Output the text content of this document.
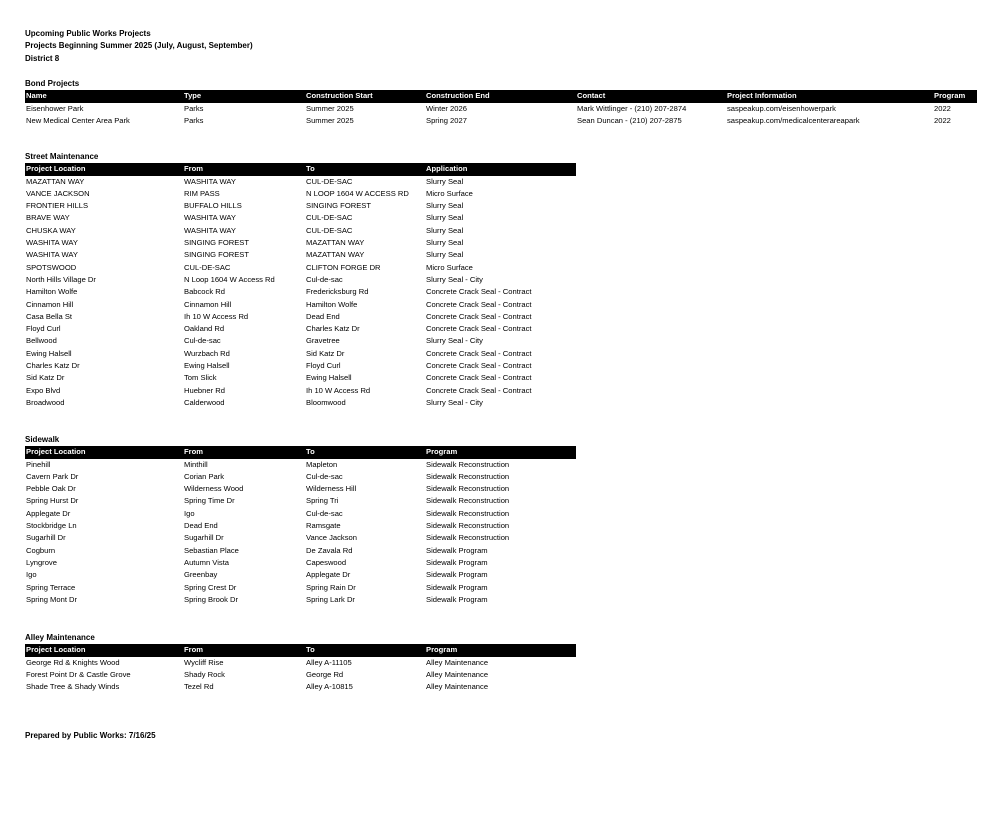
Upcoming Public Works Projects
Projects Beginning Summer 2025 (July, August, September)
District 8
Bond Projects
Name	Type	Construction Start	Construction End	Contact	Project Information	Program
Eisenhower Park	Parks	Summer 2025	Winter 2026	Mark Wittlinger - (210) 207-2874	saspeakup.com/eisenhowerpark	2022
New Medical Center Area Park	Parks	Summer 2025	Spring 2027	Sean Duncan - (210) 207-2875	saspeakup.com/medicalcenterareapark	2022
Street Maintenance
Project Location	From	To	Application
MAZATTAN WAY	WASHITA WAY	CUL-DE-SAC	Slurry Seal
VANCE JACKSON	RIM PASS	N LOOP 1604 W ACCESS RD	Micro Surface
FRONTIER HILLS	BUFFALO HILLS	SINGING FOREST	Slurry Seal
BRAVE WAY	WASHITA WAY	CUL-DE-SAC	Slurry Seal
CHUSKA WAY	WASHITA WAY	CUL-DE-SAC	Slurry Seal
WASHITA WAY	SINGING FOREST	MAZATTAN WAY	Slurry Seal
WASHITA WAY	SINGING FOREST	MAZATTAN WAY	Slurry Seal
SPOTSWOOD	CUL-DE-SAC	CLIFTON FORGE DR	Micro Surface
North Hills Village Dr	N Loop 1604 W Access Rd	Cul-de-sac	Slurry Seal - City
Hamilton Wolfe	Babcock Rd	Fredericksburg Rd	Concrete Crack Seal - Contract
Cinnamon Hill	Cinnamon Hill	Hamilton Wolfe	Concrete Crack Seal - Contract
Casa Bella St	Ih 10 W Access Rd	Dead End	Concrete Crack Seal - Contract
Floyd Curl	Oakland Rd	Charles Katz Dr	Concrete Crack Seal - Contract
Bellwood	Cul-de-sac	Gravetree	Slurry Seal - City
Ewing Halsell	Wurzbach Rd	Sid Katz Dr	Concrete Crack Seal - Contract
Charles Katz Dr	Ewing Halsell	Floyd Curl	Concrete Crack Seal - Contract
Sid Katz Dr	Tom Slick	Ewing Halsell	Concrete Crack Seal - Contract
Expo Blvd	Huebner Rd	Ih 10 W Access Rd	Concrete Crack Seal - Contract
Broadwood	Calderwood	Bloomwood	Slurry Seal - City
Sidewalk
Project Location	From	To	Program
Pinehill	Minthill	Mapleton	Sidewalk Reconstruction
Cavern Park Dr	Corian Park	Cul-de-sac	Sidewalk Reconstruction
Pebble Oak Dr	Wilderness Wood	Wilderness Hill	Sidewalk Reconstruction
Spring Hurst Dr	Spring Time Dr	Spring Tri	Sidewalk Reconstruction
Applegate Dr	Igo	Cul-de-sac	Sidewalk Reconstruction
Stockbridge Ln	Dead End	Ramsgate	Sidewalk Reconstruction
Sugarhill Dr	Sugarhill Dr	Vance Jackson	Sidewalk Reconstruction
Cogburn	Sebastian Place	De Zavala Rd	Sidewalk Program
Lyngrove	Autumn Vista	Capeswood	Sidewalk Program
Igo	Greenbay	Applegate Dr	Sidewalk Program
Spring Terrace	Spring Crest Dr	Spring Rain Dr	Sidewalk Program
Spring Mont Dr	Spring Brook Dr	Spring Lark Dr	Sidewalk Program
Alley Maintenance
Project Location	From	To	Program
George Rd & Knights Wood	Wycliff Rise	Alley A-11105	Alley Maintenance
Forest Point Dr & Castle Grove	Shady Rock	George Rd	Alley Maintenance
Shade Tree & Shady Winds	Tezel Rd	Alley A-10815	Alley Maintenance
Prepared by Public Works: 7/16/25
